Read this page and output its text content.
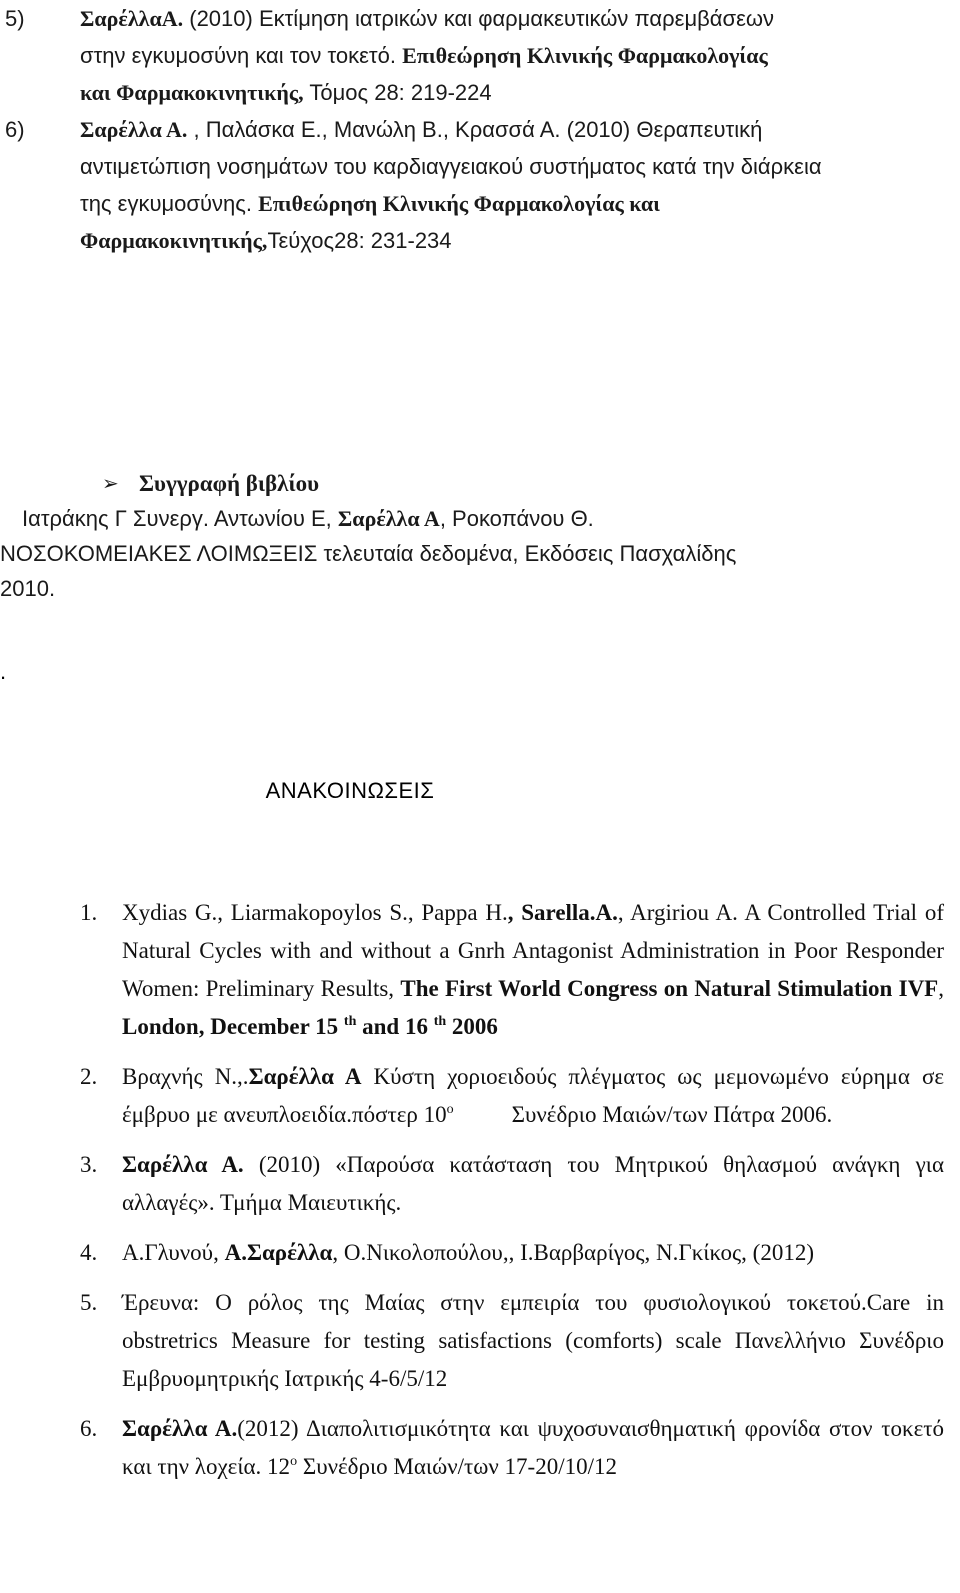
5)	ΣαρέλλαΑ. (2010) Εκτίμηση ιατρικών και φαρμακευτικών παρεμβάσεων
στην εγκυμοσύνη και τον τοκετό. Επιθεώρηση Κλινικής Φαρμακολογίας
και Φαρμακοκινητικής, Τόμος 28: 219-224
6)	Σαρέλλα Α. , Παλάσκα Ε., Μανώλη Β., Κρασσά Α. (2010) Θεραπευτική
αντιμετώπιση νοσημάτων του καρδιαγγειακού συστήματος κατά την διάρκεια
της εγκυμοσύνης. Επιθεώρηση Κλινικής Φαρμακολογίας και
Φαρμακοκινητικής,Τεύχος28: 231-234
➢ Συγγραφή βιβλίου
Ιατράκης Γ Συνεργ. Αντωνίου Ε, Σαρέλλα Α, Ροκοπάνου Θ.
ΝΟΣΟΚΟΜΕΙΑΚΕΣ ΛΟΙΜΩΞΕΙΣ τελευταία δεδομένα, Εκδόσεις Πασχαλίδης
2010.
.
ΑΝΑΚΟΙΝΩΣΕΙΣ
1. Xydias G., Liarmakopoylos S., Pappa H., Sarella.A., Argiriou A. A Controlled Trial of Natural Cycles with and without a Gnrh Antagonist Administration in Poor Responder Women: Preliminary Results, The First World Congress on Natural Stimulation IVF, London, December 15 $^{th}$ and 16 $^{th}$ 2006
2. Βραχνής Ν.,.Σαρέλλα Α Κύστη χοριοειδούς πλέγματος ως μεμονωμένο εύρημα σε έμβρυο με ανευπλοειδία.πόστερ $10^o$	Συνέδριο Μαιών/των Πάτρα 2006.
3. Σαρέλλα Α. (2010) «Παρούσα κατάσταση του Μητρικού θηλασμού ανάγκη για αλλαγές». Τμήμα Μαιευτικής.
4. Α.Γλυνού, Α.Σαρέλλα, Ο.Νικολοπούλου,, Ι.Βαρβαρίγος, Ν.Γκίκος, (2012)
5. Έρευνα: Ο ρόλος της Μαίας στην εμπειρία του φυσιολογικού τοκετού.Care in obstretrics Measure for testing satisfactions (comforts) scale Πανελλήνιο Συνέδριο Εμβρυομητρικής Ιατρικής 4-6/5/12
6. Σαρέλλα Α.(2012) Διαπολιτισμικότητα και ψυχοσυναισθηματική φρονίδα στον τοκετό και την λοχεία. $12^o$ Συνέδριο Μαιών/των 17-20/10/12
